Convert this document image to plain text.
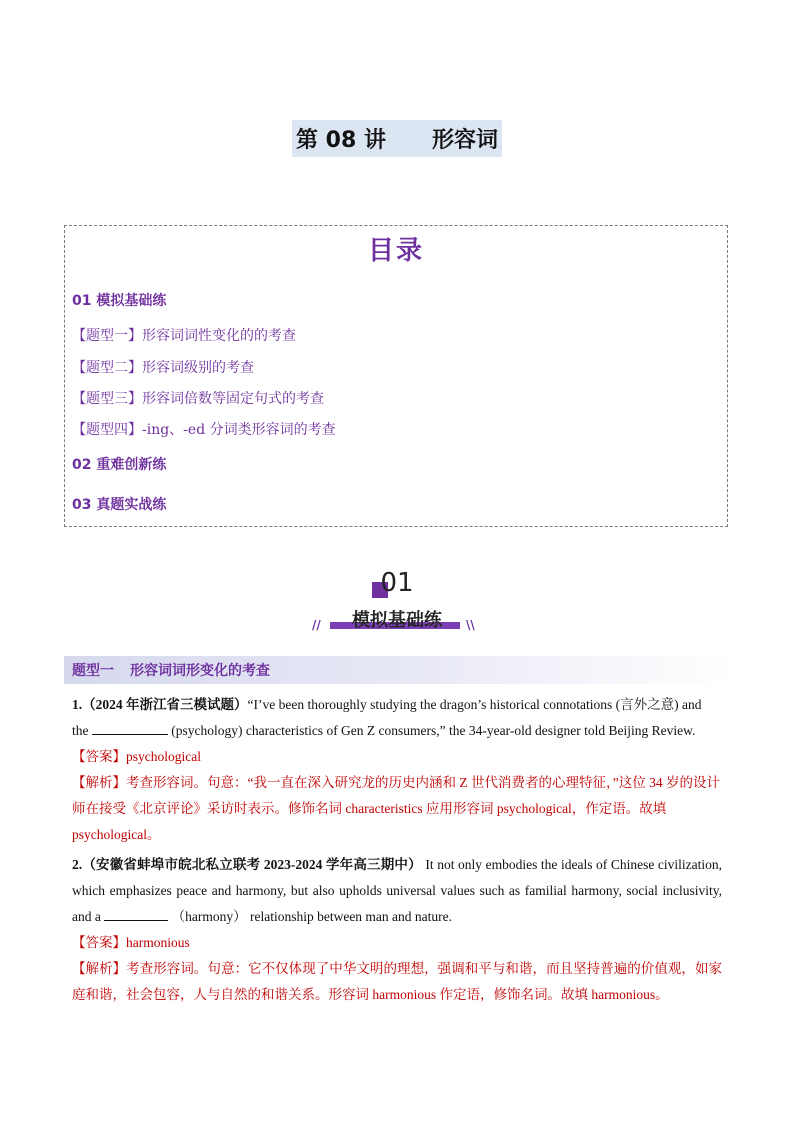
第 08 讲 形容词
目录
01 模拟基础练
【题型一】形容词词性变化的的考查
【题型二】形容词级别的考查
【题型三】形容词倍数等固定句式的考查
【题型四】-ing、-ed 分词类形容词的考查
02 重难创新练
03 真题实战练
01
模拟基础练
//	\\
题型一 形容词词形变化的考查
1.（2024 年浙江省三模试题）“I’ve been thoroughly studying the dragon’s historical connotations (言外之意) and
the	(psychology) characteristics of Gen Z consumers,” the 34-year-old designer told Beijing Review.
【答案】psychological
【解析】考查形容词。句意：“我一直在深入研究龙的历史内涵和 Z 世代消费者的心理特征，”这位 34 岁的设计师在接受《北京评论》采访时表示。修饰名词 characteristics 应用形容词 psychological，作定语。故填 psychological。
2.（安徽省蚌埠市皖北私立联考 2023-2024 学年高三期中） It not only embodies the ideals of Chinese civilization, which emphasizes peace and harmony, but also upholds universal values such as familial harmony, social inclusivity, and a	（harmony） relationship between man and nature.
【答案】harmonious
【解析】考查形容词。句意：它不仅体现了中华文明的理想，强调和平与和谐，而且坚持普遍的价值观，如家庭和谐，社会包容，人与自然的和谐关系。形容词 harmonious 作定语，修饰名词。故填 harmonious。
